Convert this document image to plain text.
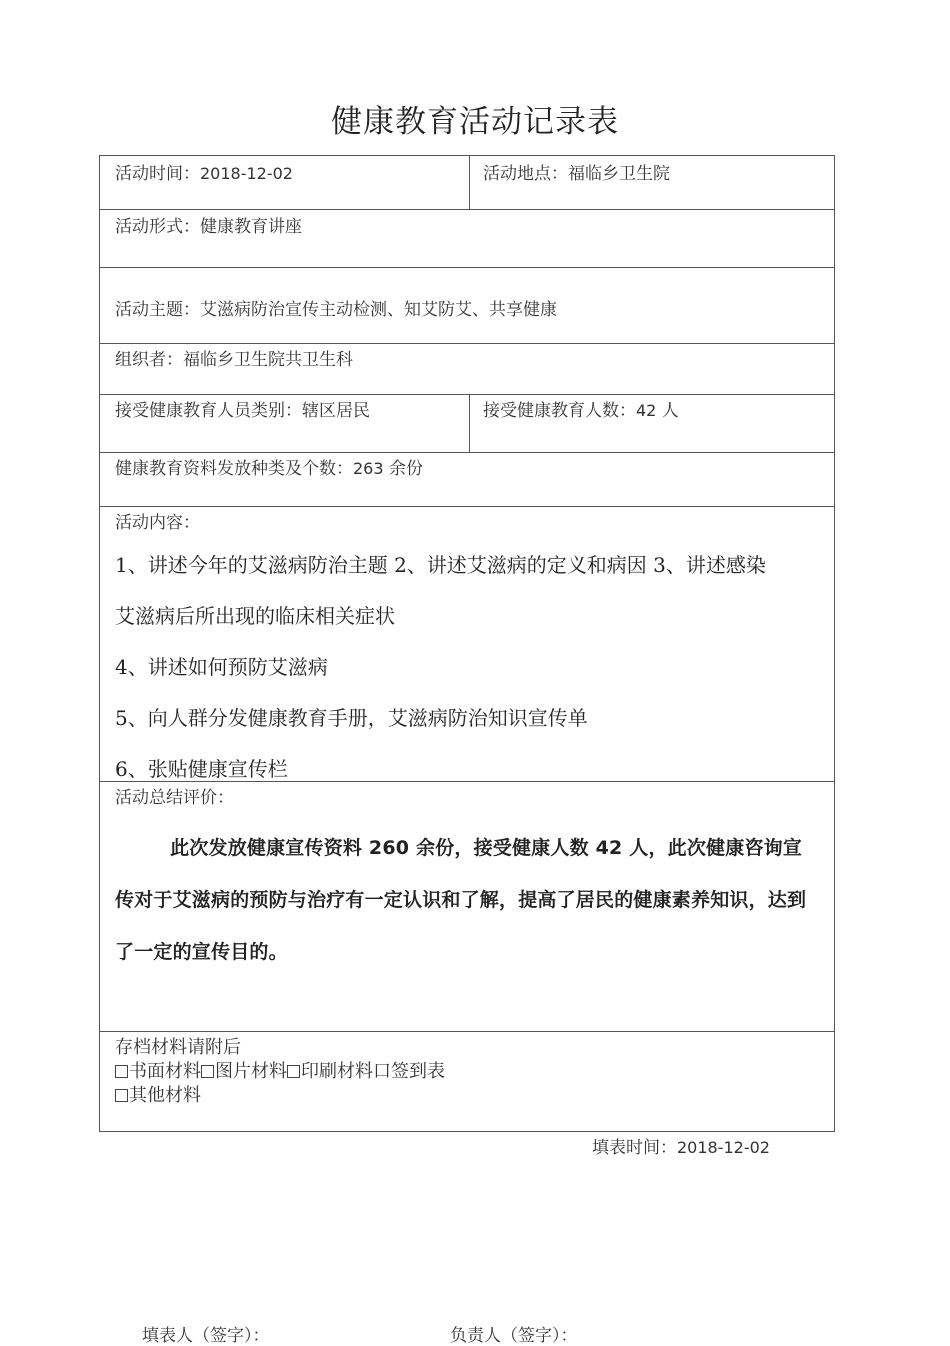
健康教育活动记录表
活动时间：2018-12-02	活动地点：福临乡卫生院
活动形式：健康教育讲座
活动主题：艾滋病防治宣传主动检测、知艾防艾、共享健康
组织者：福临乡卫生院共卫生科
接受健康教育人员类别：辖区居民	接受健康教育人数：42 人
健康教育资料发放种类及个数：263 余份
活动内容：
1、讲述今年的艾滋病防治主题 2、讲述艾滋病的定义和病因 3、讲述感染
艾滋病后所出现的临床相关症状
4、讲述如何预防艾滋病
5、向人群分发健康教育手册，艾滋病防治知识宣传单
6、张贴健康宣传栏
活动总结评价：
此次发放健康宣传资料 260 余份，接受健康人数 42 人，此次健康咨询宣传对于艾滋病的预防与治疗有一定认识和了解，提高了居民的健康素养知识，达到了一定的宣传目的。
存档材料请附后
书面材料 图片材料 印刷材料口签到表
其他材料
填表时间：2018-12-02
填表人（签字）：	负责人（签字）：
